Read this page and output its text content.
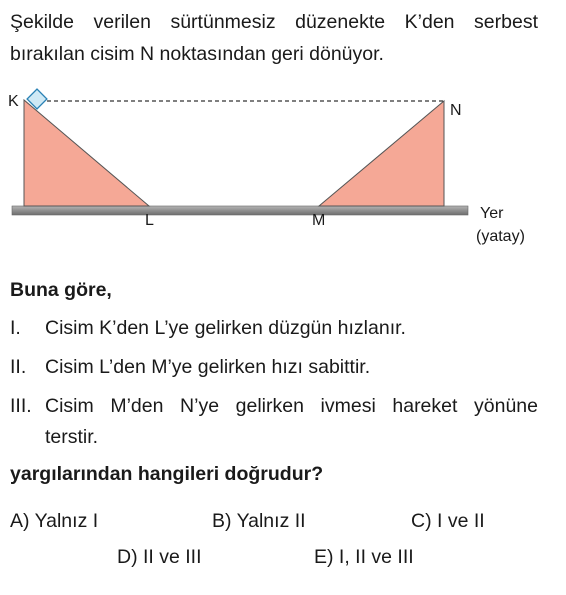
Şekilde verilen sürtünmesiz düzenekte K’den serbest
bırakılan cisim N noktasından geri dönüyor.
K
N
L	M	Yer
(yatay)
Buna göre,
I. Cisim K’den L’ye gelirken düzgün hızlanır.
II. Cisim L’den M’ye gelirken hızı sabittir.
III. Cisim M’den N’ye gelirken ivmesi hareket yönüne
terstir.
yargılarından hangileri doğrudur?
A) Yalnız I	B) Yalnız II	C) I ve II
D) II ve III	E) I, II ve III
